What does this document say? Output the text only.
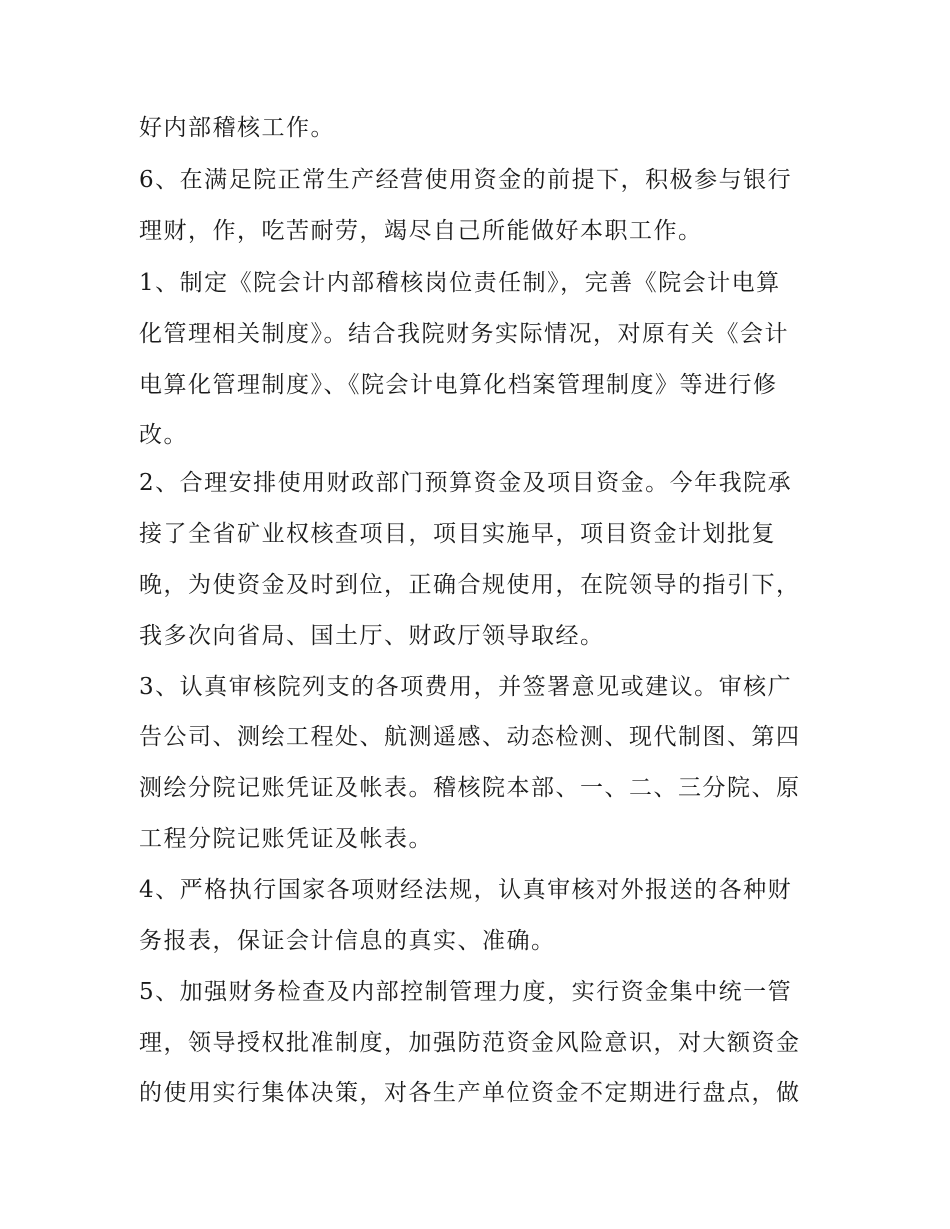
好内部稽核工作。
6、在满足院正常生产经营使用资金的前提下，积极参与银行
理财，作，吃苦耐劳，竭尽自己所能做好本职工作。
1、制定《院会计内部稽核岗位责任制》，完善《院会计电算
化管理相关制度》。结合我院财务实际情况，对原有关《会计
电算化管理制度》、《院会计电算化档案管理制度》等进行修
改。
2、合理安排使用财政部门预算资金及项目资金。今年我院承
接了全省矿业权核查项目，项目实施早，项目资金计划批复
晚，为使资金及时到位，正确合规使用，在院领导的指引下，
我多次向省局、国土厅、财政厅领导取经。
3、认真审核院列支的各项费用，并签署意见或建议。审核广
告公司、测绘工程处、航测遥感、动态检测、现代制图、第四
测绘分院记账凭证及帐表。稽核院本部、一、二、三分院、原
工程分院记账凭证及帐表。
4、严格执行国家各项财经法规，认真审核对外报送的各种财
务报表，保证会计信息的真实、准确。
5、加强财务检查及内部控制管理力度，实行资金集中统一管
理，领导授权批准制度，加强防范资金风险意识，对大额资金
的使用实行集体决策，对各生产单位资金不定期进行盘点，做
